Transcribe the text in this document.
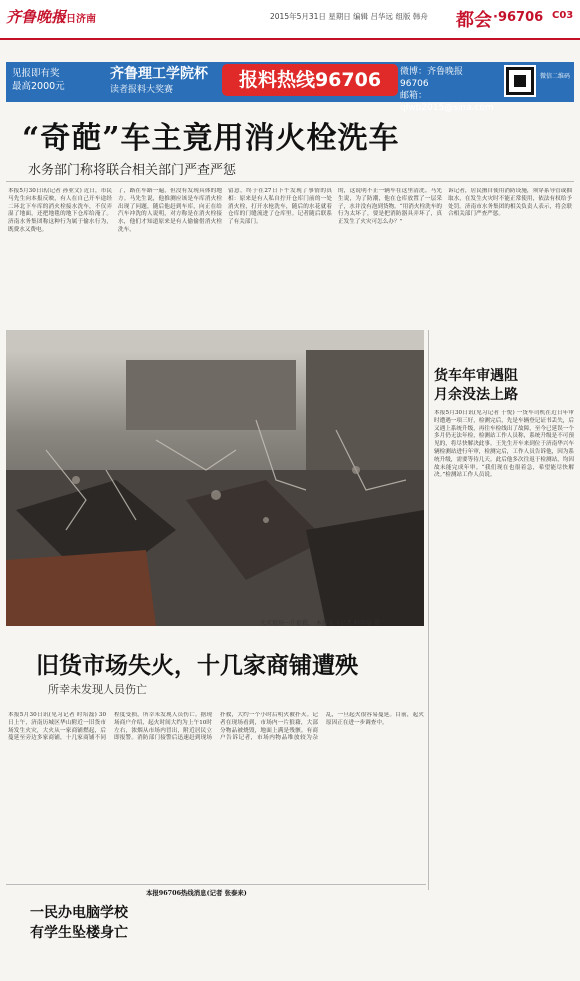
齐鲁晚报
今日济南	2015年5月31日 星期日 编辑 吕华远 组版 韩舟 都会 ·96706 C03
见报即有奖
最高2000元
齐鲁理工学院杯
读者报料大奖赛	报料热线96706	微博：齐鲁晚报96706
邮箱：qlwb2015@sina.com
微信二维码
“奇葩”车主竟用消火栓洗车
水务部门称将联合相关部门严查严惩
本报5月30日讯(记者 孙业文) 近日，市民马先生向本报反映，有人在自己开车途经二环北下车库的消火栓接水洗车，不仅弄湿了地面，还把地毯的地下仓库给淹了。济南水务集团称这种行为属于偷水行为，既费水又费电。
了，路在车路一遍，但没有发现具体的地方。马先生说，他推测应该是车库消火栓出现了问题，随后他赶到车库，向正在给汽车冲洗的人说明，对方称是在消火栓接水，他们才知道原来是有人偷偷借消火栓洗车。
留意，终于在27日下午发现了事情的真相：原来是有人私自拧开仓库门前的一处消火栓，打开水枪洗车，随后的水花就着仓库的门缝流进了仓库里。记者随后联系了有关部门。
的，这说明不止一辆车在这里清洗。马先生说，为了防潮，他在仓库放置了一层采子，水并没有泡到货物。“用消火栓洗车的行为太坏了，要是把消防器具弄坏了，真正发生了火灾可怎么办？”
诉记者，居民擅自使用消防设施，须穿系导管或抽取水，在发生火灾时不能正常使用，依法有权给予处罚。济南市水务集团的相关负责人表示，将会联合相关部门严查严惩。
火灾现场一片狼藉。 本报见习记者 时培磊 摄
货车年审遇阻
月余没法上路
本报5月30日讯(见习记者 于悦) 一货车司机在近日年审时遭遇一项三好，检测完后，先是车辆登记证书丢失，后又遇上系统升级，再往车检线出了故障，至今已延误一个多月仍无法年检，检测站工作人员称，系统升级是不可预见的，将尽快解决此事。王先生开车来到位于济南华兴车辆检测站进行年审，检测完后，工作人员告诉他，因为系统升级，需要等待几天。此后他多次往返于检测站，均因故未能完成年审。“我们现在也很着急，希望能尽快解决。”检测站工作人员说。
旧货市场失火，十几家商铺遭殃
所幸未发现人员伤亡
本报5月30日讯(见习记者 时培磊) 30日上午，济南历城区华山附近一旧货市场发生火灾，大火从一家商铺燃起，后蔓延至旁边多家商铺，十几家商铺不同程度受损，所幸未发现人员伤亡。据现场商户介绍，起火时间大约为上午10时左右，浓烟从市场内冒出，附近居民立即报警。消防部门接警后迅速赶到现场扑救，大约一个小时后明火被扑灭。记者在现场看到，市场内一片狼藉，大部分物品被烧毁，地面上满是残骸。有商户告诉记者，市场内物品堆放较为杂乱，一旦起火很容易蔓延。目前，起火原因正在进一步调查中。
一民办电脑学校
有学生坠楼身亡
本报96706热线消息(记者 张泰来)
